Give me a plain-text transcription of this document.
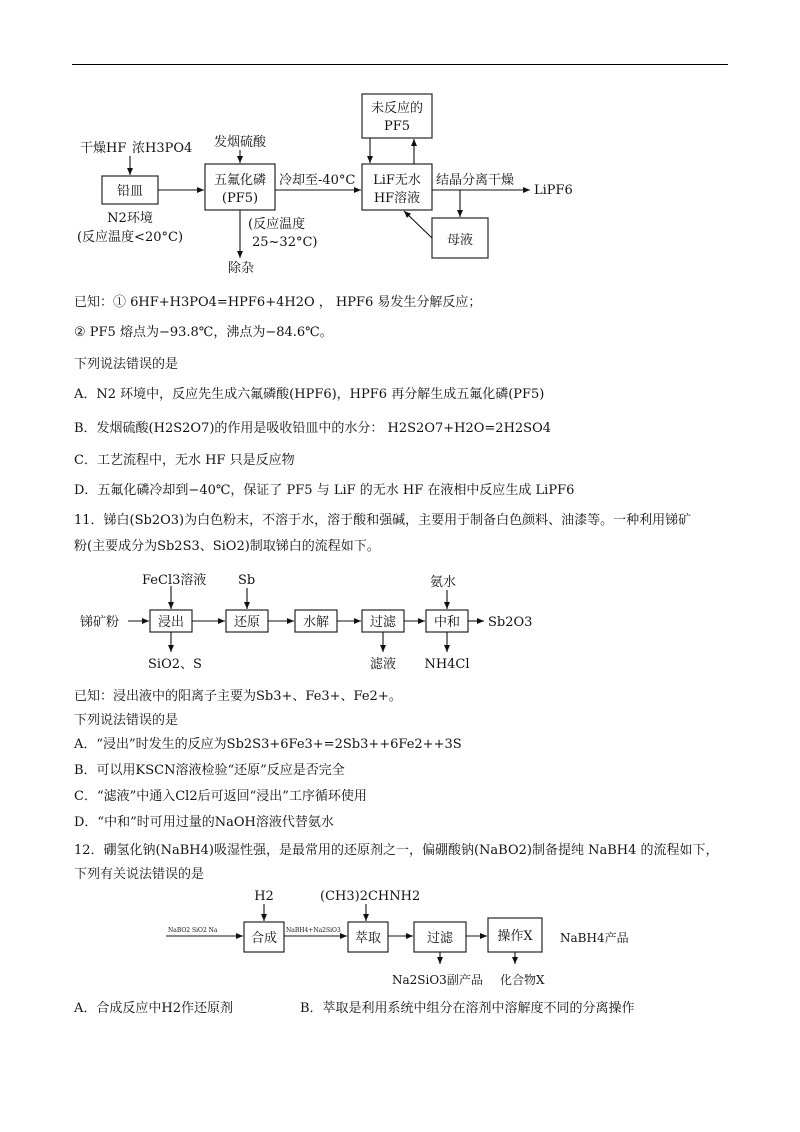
干燥HF 浓H3PO4
铅皿
N2环境
(反应温度<20°C)
发烟硫酸
五氟化磷
(PF5)
(反应温度
25~32°C)
除杂
冷却至-40°C LiF无水
HF溶液
未反应的
PF5
结晶分离干燥
LiPF6
母液
已知：① 6HF+H3PO4=HPF6+4H2O ， HPF6 易发生分解反应；
② PF5 熔点为−93.8℃，沸点为−84.6℃。
下列说法错误的是
A．N2 环境中，反应先生成六氟磷酸(HPF6)，HPF6 再分解生成五氟化磷(PF5)
B．发烟硫酸(H2S2O7)的作用是吸收铅皿中的水分： H2S2O7+H2O=2H2SO4
C．工艺流程中，无水 HF 只是反应物
D．五氟化磷冷却到−40℃，保证了 PF5 与 LiF 的无水 HF 在液相中反应生成 LiPF6
11．锑白(Sb2O3)为白色粉末，不溶于水，溶于酸和强碱，主要用于制备白色颜料、油漆等。一种利用锑矿
粉(主要成分为Sb2S3、SiO2)制取锑白的流程如下。
FeCl3溶液 Sb	氨水
锑矿粉	浸出	还原	水解	过滤	中和 Sb2O3
SiO2、S	滤液 NH4Cl
已知：浸出液中的阳离子主要为Sb3+、Fe3+、Fe2+。
下列说法错误的是
A．“浸出”时发生的反应为Sb2S3+6Fe3+=2Sb3++6Fe2++3S
B．可以用KSCN溶液检验“还原”反应是否完全
C．“滤液”中通入Cl2后可返回“浸出”工序循环使用
D．“中和”时可用过量的NaOH溶液代替氨水
12．硼氢化钠(NaBH4)吸湿性强，是最常用的还原剂之一，偏硼酸钠(NaBO2)制备提纯 NaBH4 的流程如下，
下列有关说法错误的是
H2	(CH3)2CHNH2
NaBO2 SiO2 Na
合成
NaBH4+Na2SiO3
萃取	过滤	操作X NaBH4产品
Na2SiO3副产品 化合物X
A．合成反应中H2作还原剂	B．萃取是利用系统中组分在溶剂中溶解度不同的分离操作
